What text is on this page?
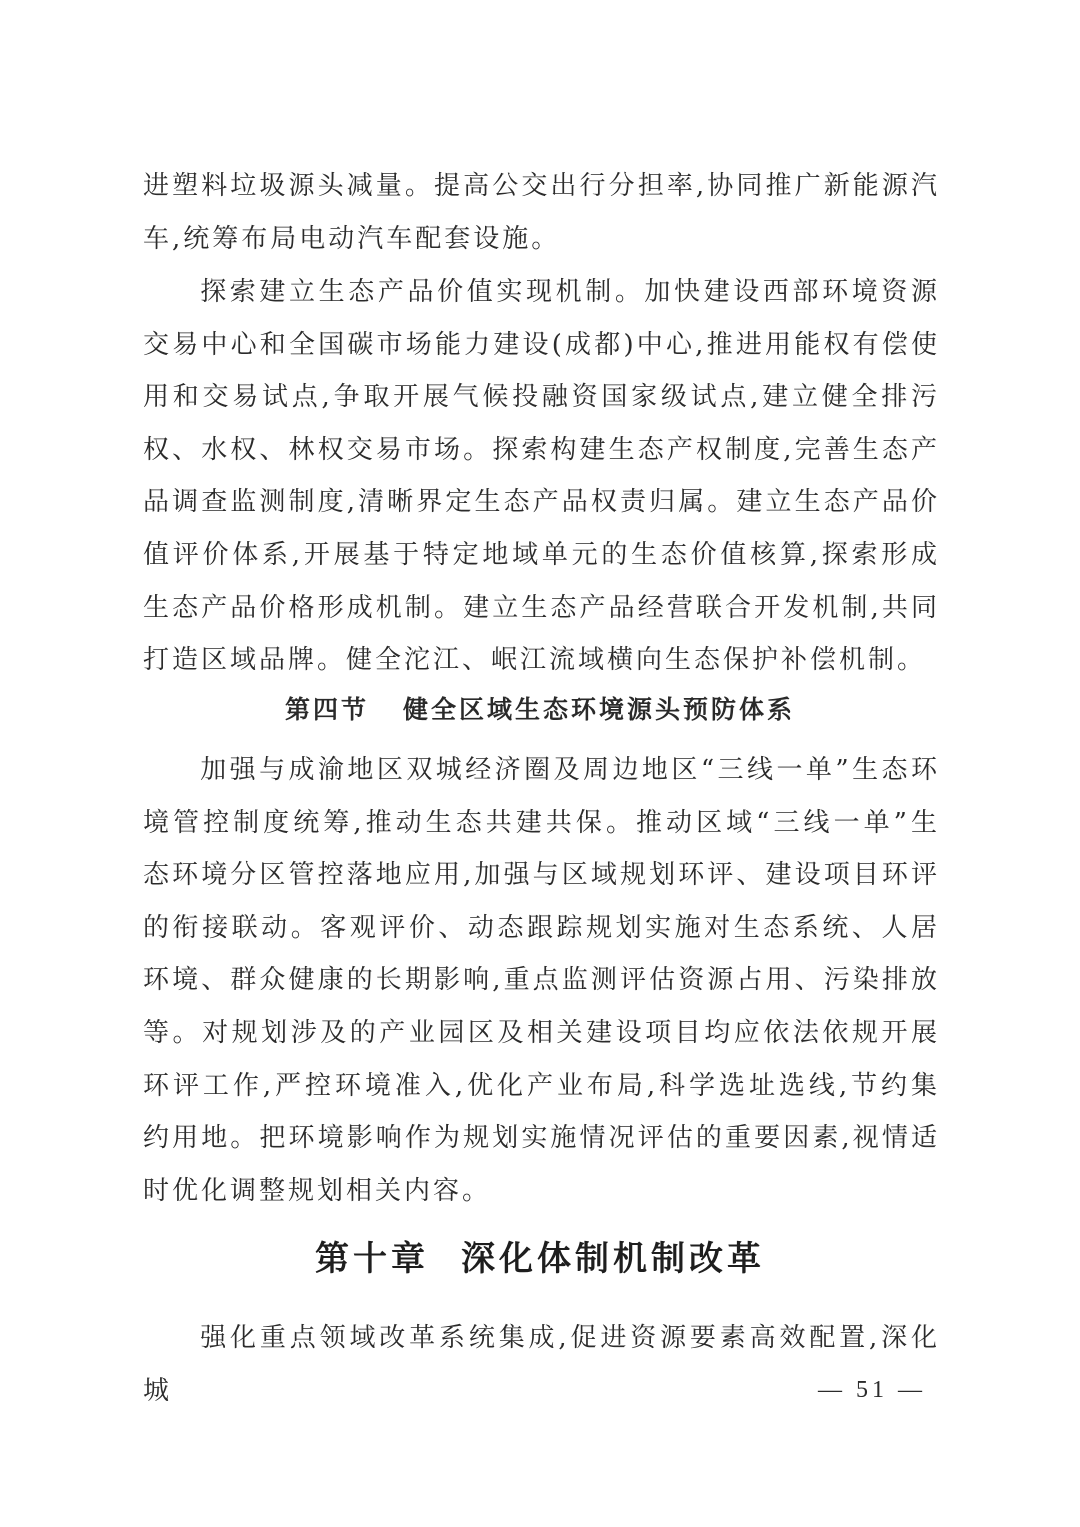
进塑料垃圾源头减量。提高公交出行分担率,协同推广新能源汽车,统筹布局电动汽车配套设施。

探索建立生态产品价值实现机制。加快建设西部环境资源交易中心和全国碳市场能力建设(成都)中心,推进用能权有偿使用和交易试点,争取开展气候投融资国家级试点,建立健全排污权、水权、林权交易市场。探索构建生态产权制度,完善生态产品调查监测制度,清晰界定生态产品权责归属。建立生态产品价值评价体系,开展基于特定地域单元的生态价值核算,探索形成生态产品价格形成机制。建立生态产品经营联合开发机制,共同打造区域品牌。健全沱江、岷江流域横向生态保护补偿机制。

第四节 健全区域生态环境源头预防体系

加强与成渝地区双城经济圈及周边地区“三线一单”生态环境管控制度统筹,推动生态共建共保。推动区域“三线一单”生态环境分区管控落地应用,加强与区域规划环评、建设项目环评的衔接联动。客观评价、动态跟踪规划实施对生态系统、人居环境、群众健康的长期影响,重点监测评估资源占用、污染排放等。对规划涉及的产业园区及相关建设项目均应依法依规开展环评工作,严控环境准入,优化产业布局,科学选址选线,节约集约用地。把环境影响作为规划实施情况评估的重要因素,视情适时优化调整规划相关内容。

第十章 深化体制机制改革

强化重点领域改革系统集成,促进资源要素高效配置,深化城	— 51 —
